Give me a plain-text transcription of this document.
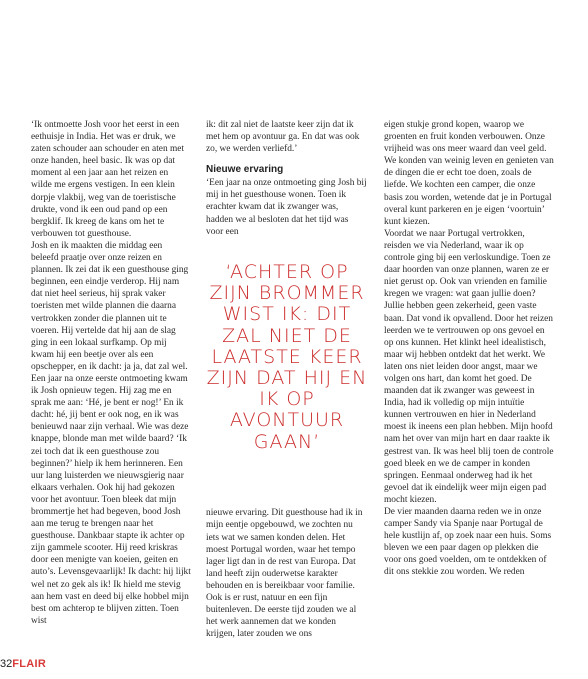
‘Ik ontmoette Josh voor het eerst in een eethuisje in India. Het was er druk, we zaten schouder aan schouder en aten met onze handen, heel basic. Ik was op dat moment al een jaar aan het reizen en wilde me ergens vestigen. In een klein dorpje vlakbij, weg van de toeristische drukte, vond ik een oud pand op een bergklif. Ik kreeg de kans om het te verbouwen tot guesthouse.

Josh en ik maakten die middag een beleefd praatje over onze reizen en plannen. Ik zei dat ik een guesthouse ging beginnen, een eindje verderop. Hij nam dat niet heel serieus, hij sprak vaker toeristen met wilde plannen die daarna vertrokken zonder die plannen uit te voeren. Hij vertelde dat hij aan de slag ging in een lokaal surfkamp. Op mij kwam hij een beetje over als een opschepper, en ik dacht: ja ja, dat zal wel. Een jaar na onze eerste ontmoeting kwam ik Josh opnieuw tegen. Hij zag me en sprak me aan: ‘Hé, je bent er nog!’ En ik dacht: hé, jij bent er ook nog, en ik was benieuwd naar zijn verhaal. Wie was deze knappe, blonde man met wilde baard? ‘Ik zei toch dat ik een guesthouse zou beginnen?’ hielp ik hem herinneren. Een uur lang luisterden we nieuwsgierig naar elkaars verhalen. Ook hij had gekozen voor het avontuur. Toen bleek dat mijn brommertje het had begeven, bood Josh aan me terug te brengen naar het guesthouse. Dankbaar stapte ik achter op zijn gammele scooter. Hij reed kriskras door een menigte van koeien, geiten en auto’s. Levensgevaarlijk! Ik dacht: hij lijkt wel net zo gek als ik! Ik hield me stevig aan hem vast en deed bij elke hobbel mijn best om achterop te blijven zitten. Toen wist

ik: dit zal niet de laatste keer zijn dat ik met hem op avontuur ga. En dat was ook zo, we werden verliefd.’

Nieuwe ervaring

‘Een jaar na onze ontmoeting ging Josh bij mij in het guesthouse wonen. Toen ik erachter kwam dat ik zwanger was, hadden we al besloten dat het tijd was voor een

‘ACHTER OP ZIJN BROMMER WIST IK: DIT ZAL NIET DE LAATSTE KEER ZIJN DAT HIJ EN IK OP AVONTUUR GAAN’

nieuwe ervaring. Dit guesthouse had ik in mijn eentje opgebouwd, we zochten nu iets wat we samen konden delen. Het moest Portugal worden, waar het tempo lager ligt dan in de rest van Europa. Dat land heeft zijn ouderwetse karakter behouden en is bereikbaar voor familie. Ook is er rust, natuur en een fijn buitenleven. De eerste tijd zouden we al het werk aannemen dat we konden krijgen, later zouden we ons

eigen stukje grond kopen, waarop we groenten en fruit konden verbouwen. Onze vrijheid was ons meer waard dan veel geld. We konden van weinig leven en genieten van de dingen die er echt toe doen, zoals de liefde. We kochten een camper, die onze basis zou worden, wetende dat je in Portugal overal kunt parkeren en je eigen ‘voortuin’ kunt kiezen.

Voordat we naar Portugal vertrokken, reisden we via Nederland, waar ik op controle ging bij een verloskundige. Toen ze daar hoorden van onze plannen, waren ze er niet gerust op. Ook van vrienden en familie kregen we vragen: wat gaan jullie doen? Jullie hebben geen zekerheid, geen vaste baan. Dat vond ik opvallend. Door het reizen leerden we te vertrouwen op ons gevoel en op ons kunnen. Het klinkt heel idealistisch, maar wij hebben ontdekt dat het werkt. We laten ons niet leiden door angst, maar we volgen ons hart, dan komt het goed. De maanden dat ik zwanger was geweest in India, had ik volledig op mijn intuïtie kunnen vertrouwen en hier in Nederland moest ik ineens een plan hebben. Mijn hoofd nam het over van mijn hart en daar raakte ik gestrest van. Ik was heel blij toen de controle goed bleek en we de camper in konden springen. Eenmaal onderweg had ik het gevoel dat ik eindelijk weer mijn eigen pad mocht kiezen.

De vier maanden daarna reden we in onze camper Sandy via Spanje naar Portugal de hele kustlijn af, op zoek naar een huis. Soms bleven we een paar dagen op plekken die voor ons goed voelden, om te ontdekken of dit ons stekkie zou worden. We reden

32FLAIR
